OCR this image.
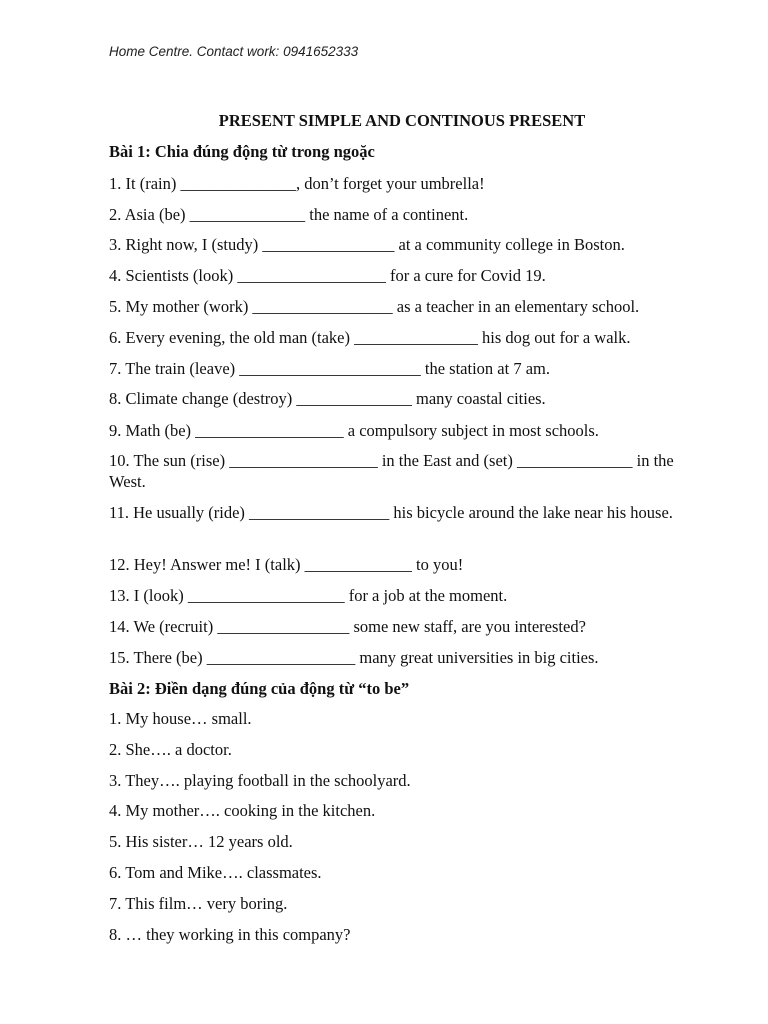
Home Centre. Contact work: 0941652333
PRESENT SIMPLE AND CONTINOUS PRESENT
Bài 1: Chia đúng động từ trong ngoặc
1. It (rain) ______________, don’t forget your umbrella!
2. Asia (be) ______________ the name of a continent.
3. Right now, I (study) ________________ at a community college in Boston.
4. Scientists (look) __________________ for a cure for Covid 19.
5. My mother (work) _________________ as a teacher in an elementary school.
6. Every evening, the old man (take) _______________ his dog out for a walk.
7. The train (leave) ______________________ the station at 7 am.
8. Climate change (destroy) ______________ many coastal cities.
9. Math (be) __________________ a compulsory subject in most schools.
10. The sun (rise) __________________ in the East and (set) ______________ in the West.
11. He usually (ride) _________________ his bicycle around the lake near his house.
12. Hey! Answer me! I (talk) _____________ to you!
13. I (look) ___________________ for a job at the moment.
14. We (recruit) ________________ some new staff, are you interested?
15. There (be) __________________ many great universities in big cities.
Bài 2: Điền dạng đúng của động từ “to be”
1. My house… small.
2. She…. a doctor.
3. They…. playing football in the schoolyard.
4. My mother…. cooking in the kitchen.
5. His sister… 12 years old.
6. Tom and Mike…. classmates.
7. This film… very boring.
8. … they working in this company?
